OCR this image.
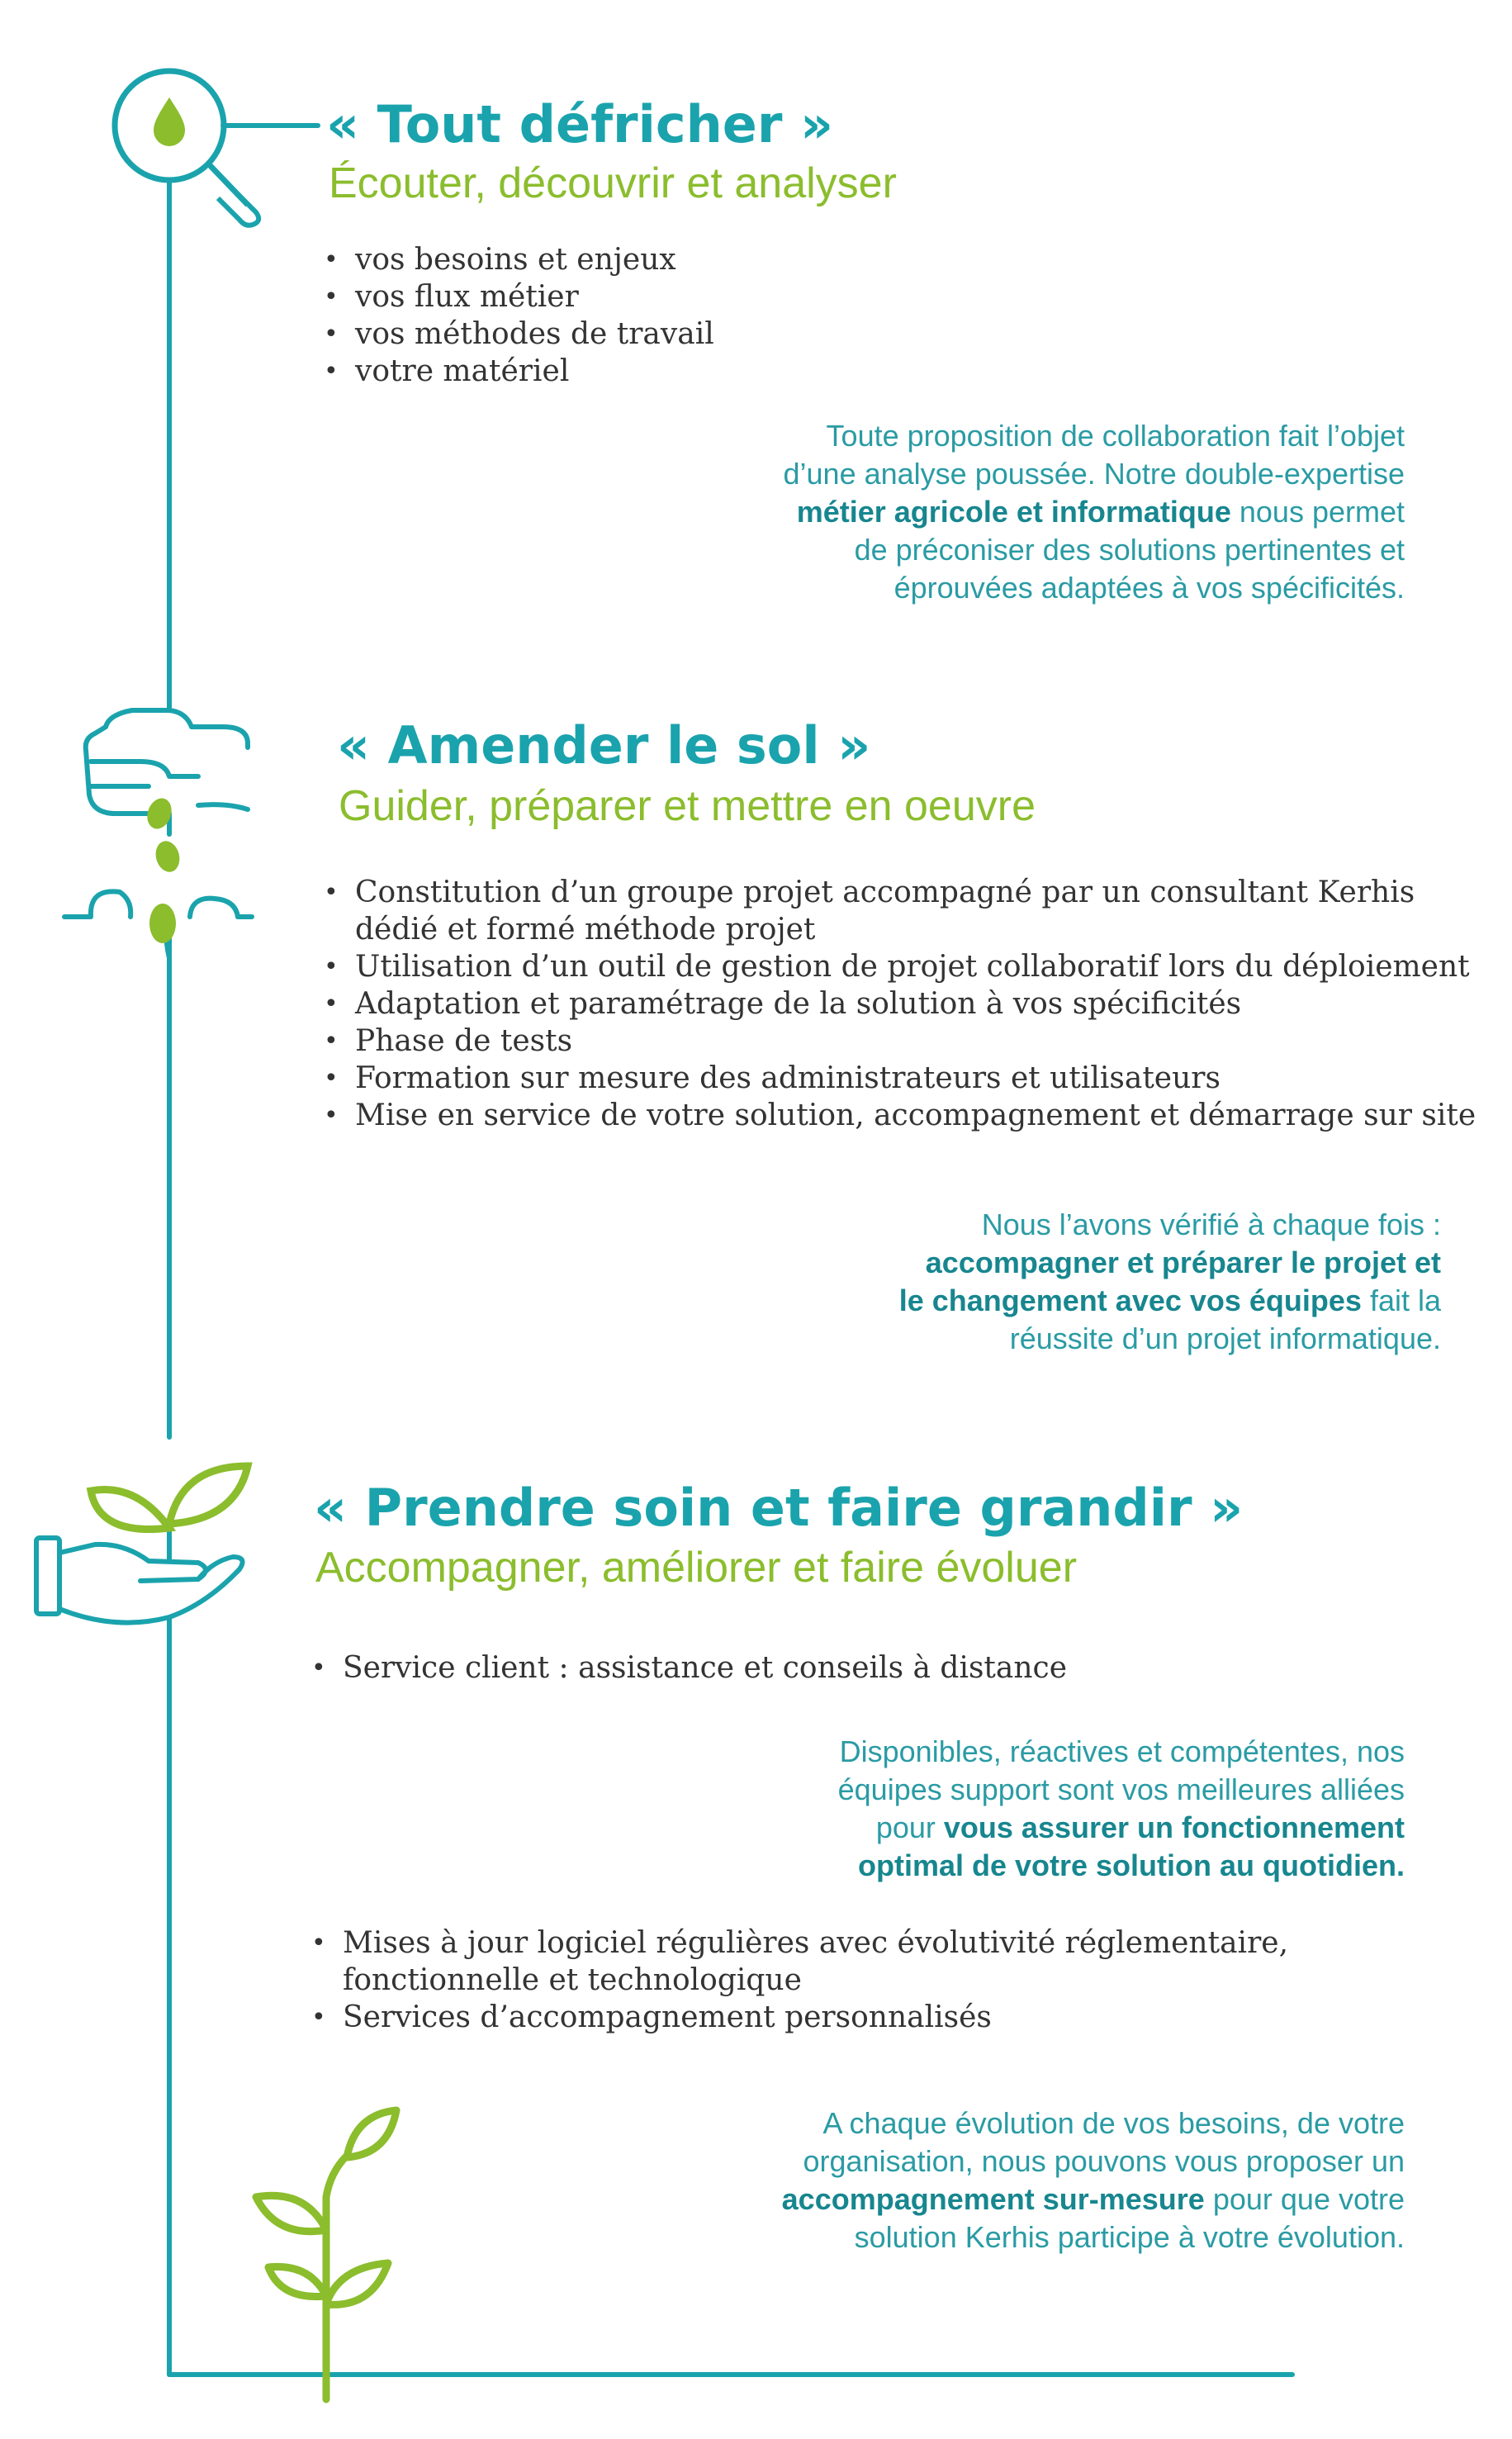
« Tout défricher »
Écouter, découvrir et analyser
• vos besoins et enjeux
• vos flux métier
• vos méthodes de travail
• votre matériel
Toute proposition de collaboration fait l’objet
d’une analyse poussée. Notre double-expertise
métier agricole et informatique nous permet
de préconiser des solutions pertinentes et
éprouvées adaptées à vos spécificités.
« Amender le sol »
Guider, préparer et mettre en oeuvre
• Constitution d’un groupe projet accompagné par un consultant Kerhis dédié et formé méthode projet
• Utilisation d’un outil de gestion de projet collaboratif lors du déploiement
• Adaptation et paramétrage de la solution à vos spécificités
• Phase de tests
• Formation sur mesure des administrateurs et utilisateurs
• Mise en service de votre solution, accompagnement et démarrage sur site
Nous l’avons vérifié à chaque fois :
accompagner et préparer le projet et
le changement avec vos équipes fait la
réussite d’un projet informatique.
« Prendre soin et faire grandir »
Accompagner, améliorer et faire évoluer
• Service client : assistance et conseils à distance
Disponibles, réactives et compétentes, nos
équipes support sont vos meilleures alliées
pour vous assurer un fonctionnement
optimal de votre solution au quotidien.
• Mises à jour logiciel régulières avec évolutivité réglementaire, fonctionnelle et technologique
• Services d’accompagnement personnalisés
A chaque évolution de vos besoins, de votre
organisation, nous pouvons vous proposer un
accompagnement sur-mesure pour que votre
solution Kerhis participe à votre évolution.
